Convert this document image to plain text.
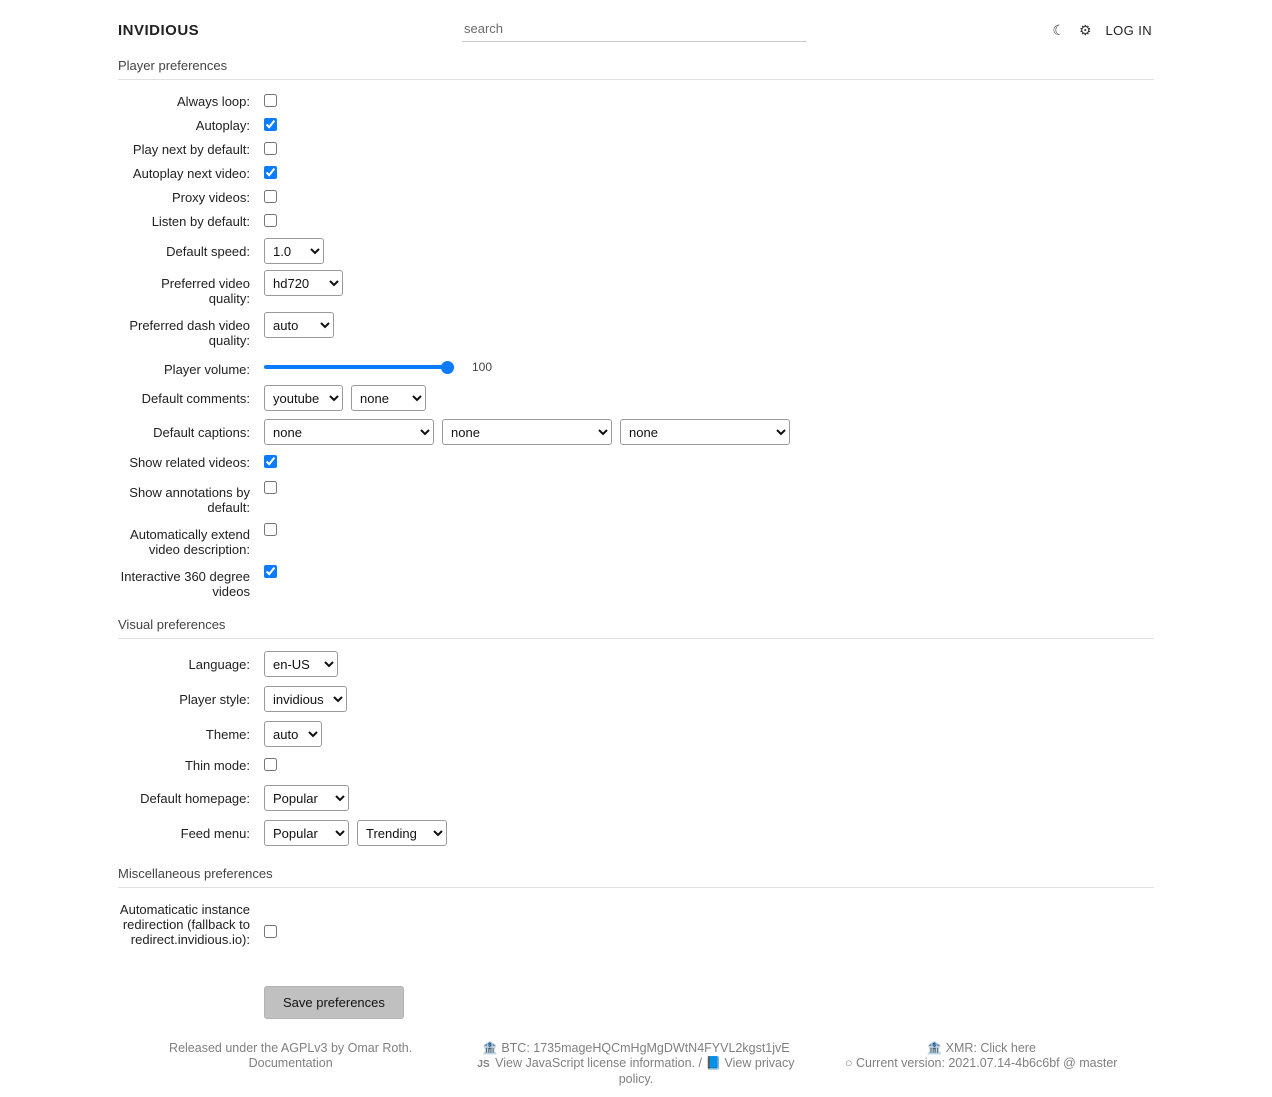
INVIDIOUS
search	☾ ⚙ LOG IN
Player preferences
Always loop:
Autoplay:
Play next by default:
Autoplay next video:
Proxy videos:
Listen by default:
Default speed:
1.0
Preferred video quality:
hd720
Preferred dash video quality:
auto
Player volume:	100
Default comments:
youtube
none
Default captions:
none
none
none
Show related videos:
Show annotations by default:
Automatically extend video description:
Interactive 360 degree videos
Visual preferences
Language:
en-US
Player style:
invidious
Theme:
auto
Thin mode:
Default homepage:
Popular
Feed menu:
Popular
Trending
Miscellaneous preferences
Automaticatic instance redirection (fallback to redirect.invidious.io):
Save preferences
Released under the AGPLv3 by Omar Roth.
Documentation
🏦 BTC: 1735mageHQCmHgMgDWtN4FYVL2kgst1jvE
JS View JavaScript license information. / 📘 View privacy policy.
🏦 XMR: Click here
○ Current version: 2021.07.14-4b6c6bf @ master
